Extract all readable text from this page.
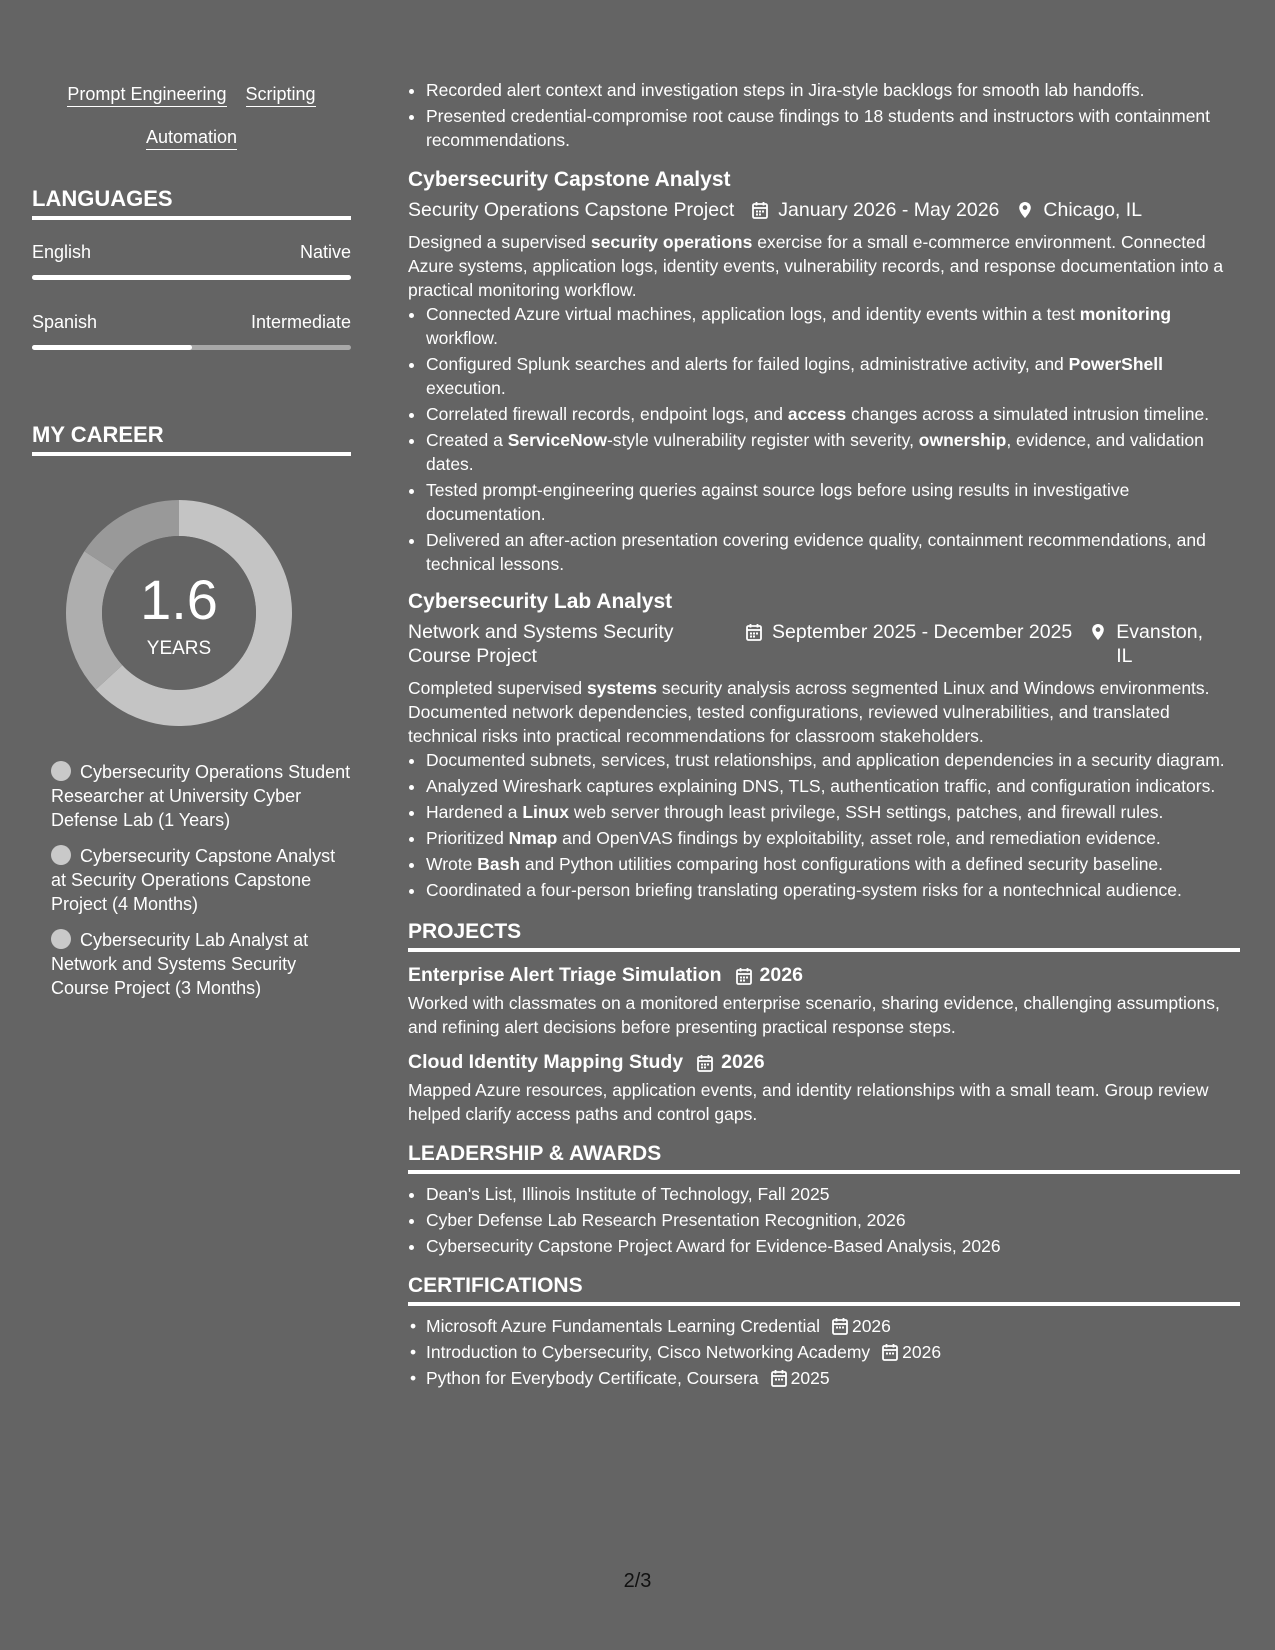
Prompt Engineering Scripting
Automation
LANGUAGES
English	Native
Spanish	Intermediate
MY CAREER
1.6
YEARS
Cybersecurity Operations Student Researcher at University Cyber Defense Lab (1 Years)
Cybersecurity Capstone Analyst at Security Operations Capstone Project (4 Months)
Cybersecurity Lab Analyst at Network and Systems Security Course Project (3 Months)
• Recorded alert context and investigation steps in Jira-style backlogs for smooth lab handoffs.
• Presented credential-compromise root cause findings to 18 students and instructors with containment recommendations.
Cybersecurity Capstone Analyst
Security Operations Capstone Project January 2026 - May 2026 Chicago, IL
Designed a supervised security operations exercise for a small e-commerce environment. Connected Azure systems, application logs, identity events, vulnerability records, and response documentation into a practical monitoring workflow.
• Connected Azure virtual machines, application logs, and identity events within a test monitoring workflow.
• Configured Splunk searches and alerts for failed logins, administrative activity, and PowerShell execution.
• Correlated firewall records, endpoint logs, and access changes across a simulated intrusion timeline.
• Created a ServiceNow-style vulnerability register with severity, ownership, evidence, and validation dates.
• Tested prompt-engineering queries against source logs before using results in investigative documentation.
• Delivered an after-action presentation covering evidence quality, containment recommendations, and technical lessons.
Cybersecurity Lab Analyst
Network and Systems Security Course Project
September 2025 - December 2025 Evanston, IL
Completed supervised systems security analysis across segmented Linux and Windows environments. Documented network dependencies, tested configurations, reviewed vulnerabilities, and translated technical risks into practical recommendations for classroom stakeholders.
• Documented subnets, services, trust relationships, and application dependencies in a security diagram.
• Analyzed Wireshark captures explaining DNS, TLS, authentication traffic, and configuration indicators.
• Hardened a Linux web server through least privilege, SSH settings, patches, and firewall rules.
• Prioritized Nmap and OpenVAS findings by exploitability, asset role, and remediation evidence.
• Wrote Bash and Python utilities comparing host configurations with a defined security baseline.
• Coordinated a four-person briefing translating operating-system risks for a nontechnical audience.
PROJECTS
Enterprise Alert Triage Simulation 2026
Worked with classmates on a monitored enterprise scenario, sharing evidence, challenging assumptions, and refining alert decisions before presenting practical response steps.
Cloud Identity Mapping Study 2026
Mapped Azure resources, application events, and identity relationships with a small team. Group review helped clarify access paths and control gaps.
LEADERSHIP & AWARDS
• Dean's List, Illinois Institute of Technology, Fall 2025
• Cyber Defense Lab Research Presentation Recognition, 2026
• Cybersecurity Capstone Project Award for Evidence-Based Analysis, 2026
CERTIFICATIONS
• Microsoft Azure Fundamentals Learning Credential 2026
• Introduction to Cybersecurity, Cisco Networking Academy 2026
• Python for Everybody Certificate, Coursera 2025
2/3
